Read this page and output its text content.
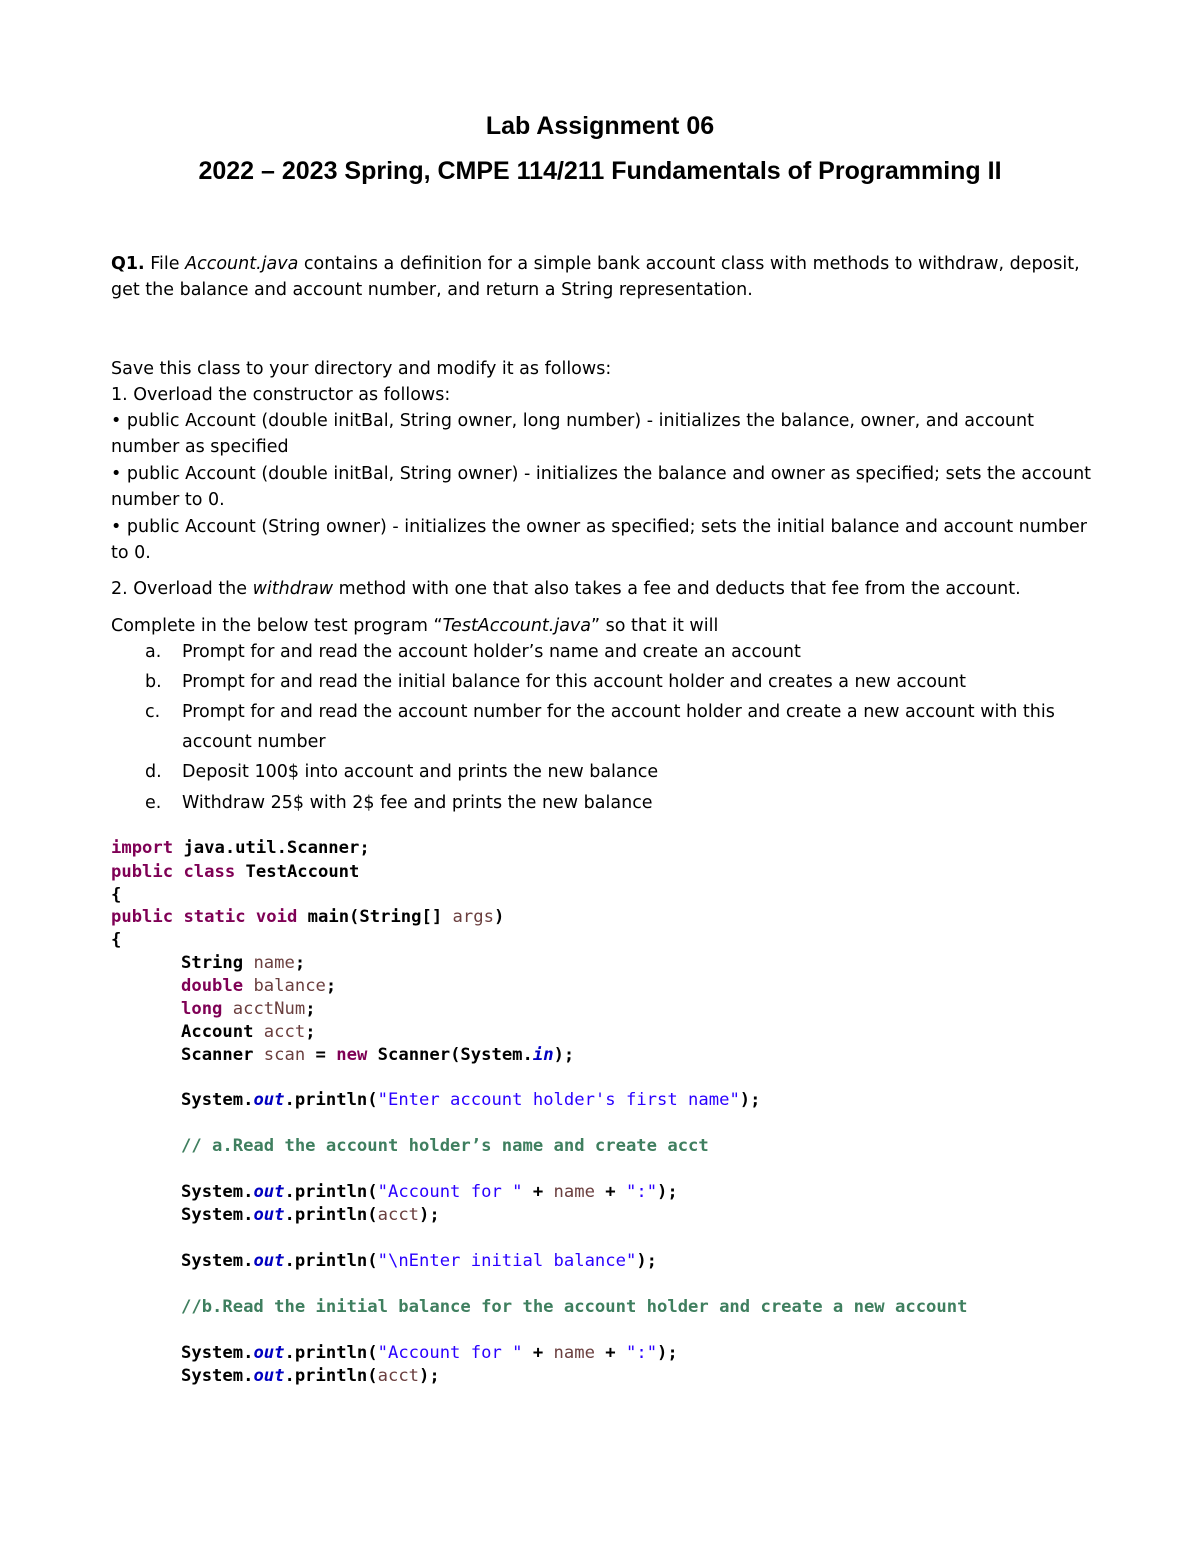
Lab Assignment 06
2022 – 2023 Spring, CMPE 114/211 Fundamentals of Programming II
Q1. File Account.java contains a definition for a simple bank account class with methods to withdraw, deposit,
get the balance and account number, and return a String representation.
Save this class to your directory and modify it as follows:
1. Overload the constructor as follows:
• public Account (double initBal, String owner, long number) - initializes the balance, owner, and account
number as specified
• public Account (double initBal, String owner) - initializes the balance and owner as specified; sets the account
number to 0.
• public Account (String owner) - initializes the owner as specified; sets the initial balance and account number
to 0.
2. Overload the withdraw method with one that also takes a fee and deducts that fee from the account.
Complete in the below test program “TestAccount.java” so that it will
a. Prompt for and read the account holder’s name and create an account
b. Prompt for and read the initial balance for this account holder and creates a new account
c. Prompt for and read the account number for the account holder and create a new account with this
account number
d. Deposit 100$ into account and prints the new balance
e. Withdraw 25$ with 2$ fee and prints the new balance

import java.util.Scanner;

public class TestAccount

{

public static void main(String[] args)

{

String name;

double balance;

long acctNum;

Account acct;

Scanner scan = new Scanner(System.in);

System.out.println("Enter account holder's first name");

// a.Read the account holder’s name and create acct

System.out.println("Account for " + name + ":");

System.out.println(acct);

System.out.println("\nEnter initial balance");

//b.Read the initial balance for the account holder and create a new account

System.out.println("Account for " + name + ":");

System.out.println(acct);
